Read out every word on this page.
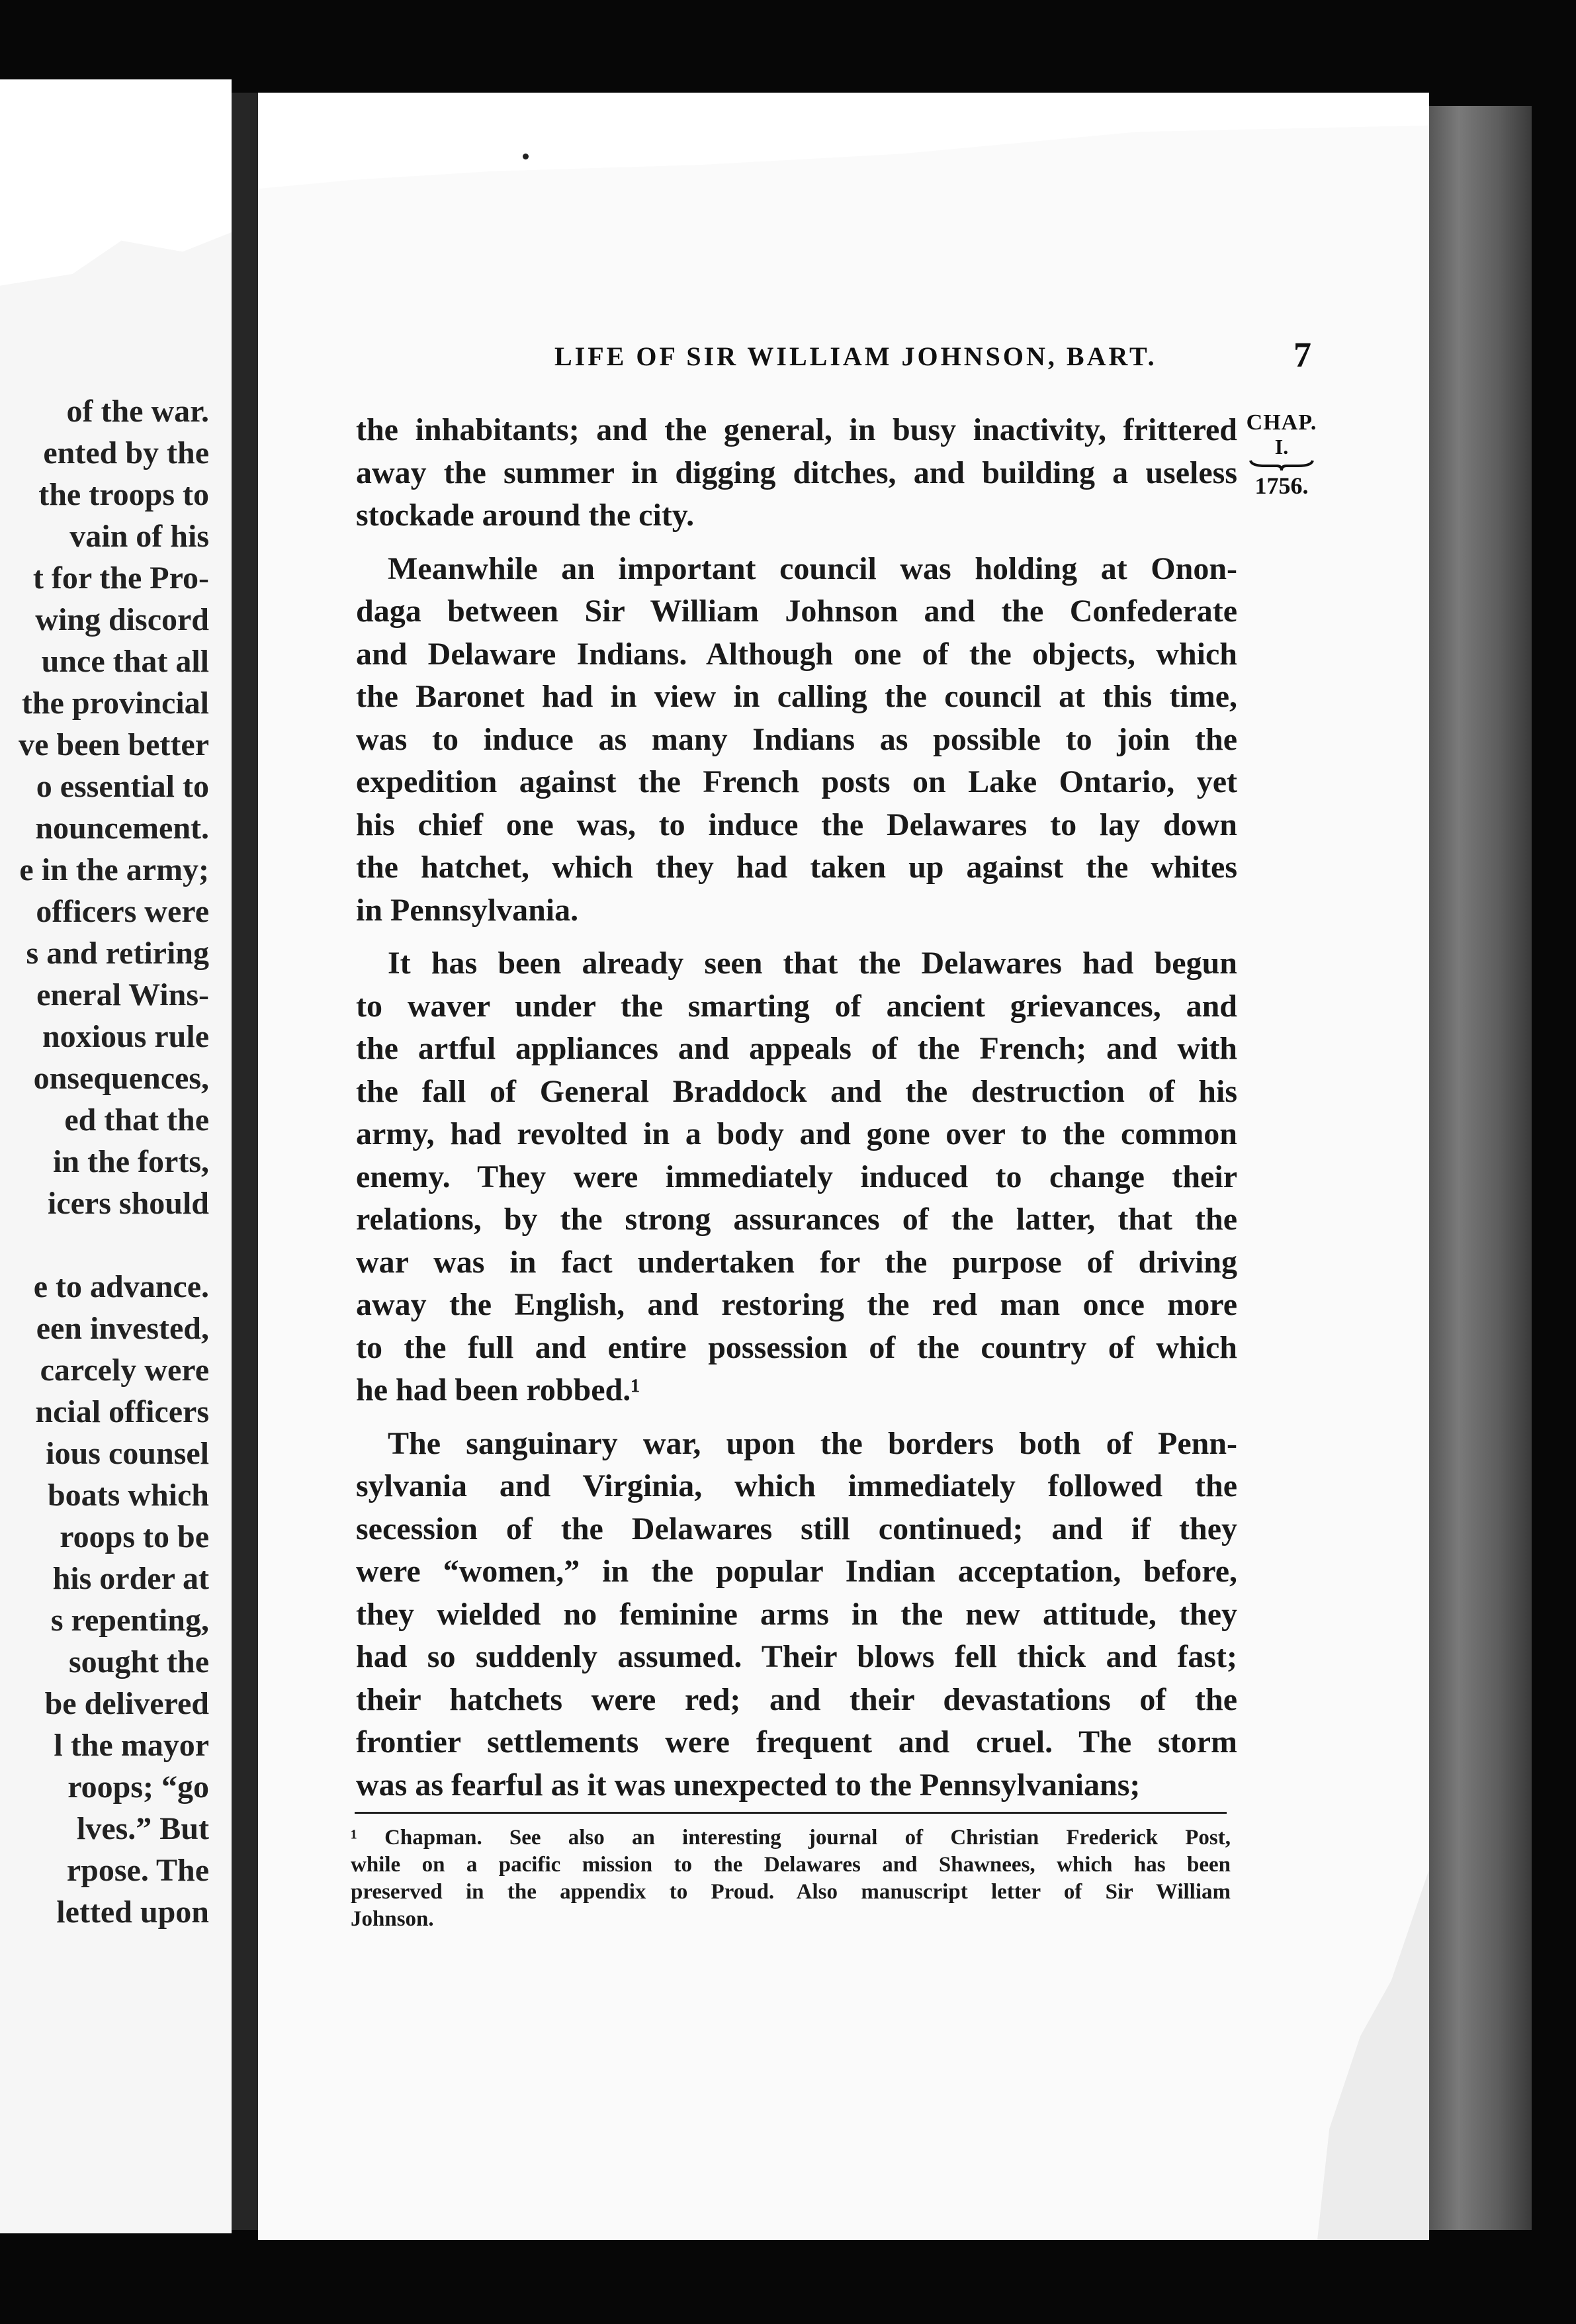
of the war.
ented by the
the troops to
vain of his
t for the Pro-
wing discord
unce that all
the provincial
ve been better
o essential to
nouncement.
e in the army;
officers were
s and retiring
eneral Wins-
noxious rule
onsequences,
ed that the
in the forts,
icers should

e to advance.
een invested,
carcely were
ncial officers
ious counsel
boats which
roops to be
his order at
s repenting,
sought the
be delivered
l the mayor
roops; “go
lves.” But
rpose. The
letted upon
LIFE OF SIR WILLIAM JOHNSON, BART.	7
CHAP.
I.
1756.
the inhabitants; and the general, in busy inactivity, frittered
away the summer in digging ditches, and building a useless
stockade around the city.
Meanwhile an important council was holding at Onon-
daga between Sir William Johnson and the Confederate
and Delaware Indians. Although one of the objects, which
the Baronet had in view in calling the council at this time,
was to induce as many Indians as possible to join the
expedition against the French posts on Lake Ontario, yet
his chief one was, to induce the Delawares to lay down
the hatchet, which they had taken up against the whites
in Pennsylvania.
It has been already seen that the Delawares had begun
to waver under the smarting of ancient grievances, and
the artful appliances and appeals of the French; and with
the fall of General Braddock and the destruction of his
army, had revolted in a body and gone over to the common
enemy. They were immediately induced to change their
relations, by the strong assurances of the latter, that the
war was in fact undertaken for the purpose of driving
away the English, and restoring the red man once more
to the full and entire possession of the country of which
he had been robbed.¹
The sanguinary war, upon the borders both of Penn-
sylvania and Virginia, which immediately followed the
secession of the Delawares still continued; and if they
were “women,” in the popular Indian acceptation, before,
they wielded no feminine arms in the new attitude, they
had so suddenly assumed. Their blows fell thick and fast;
their hatchets were red; and their devastations of the
frontier settlements were frequent and cruel. The storm
was as fearful as it was unexpected to the Pennsylvanians;
¹ Chapman. See also an interesting journal of Christian Frederick Post,
while on a pacific mission to the Delawares and Shawnees, which has been
preserved in the appendix to Proud. Also manuscript letter of Sir William
Johnson.
